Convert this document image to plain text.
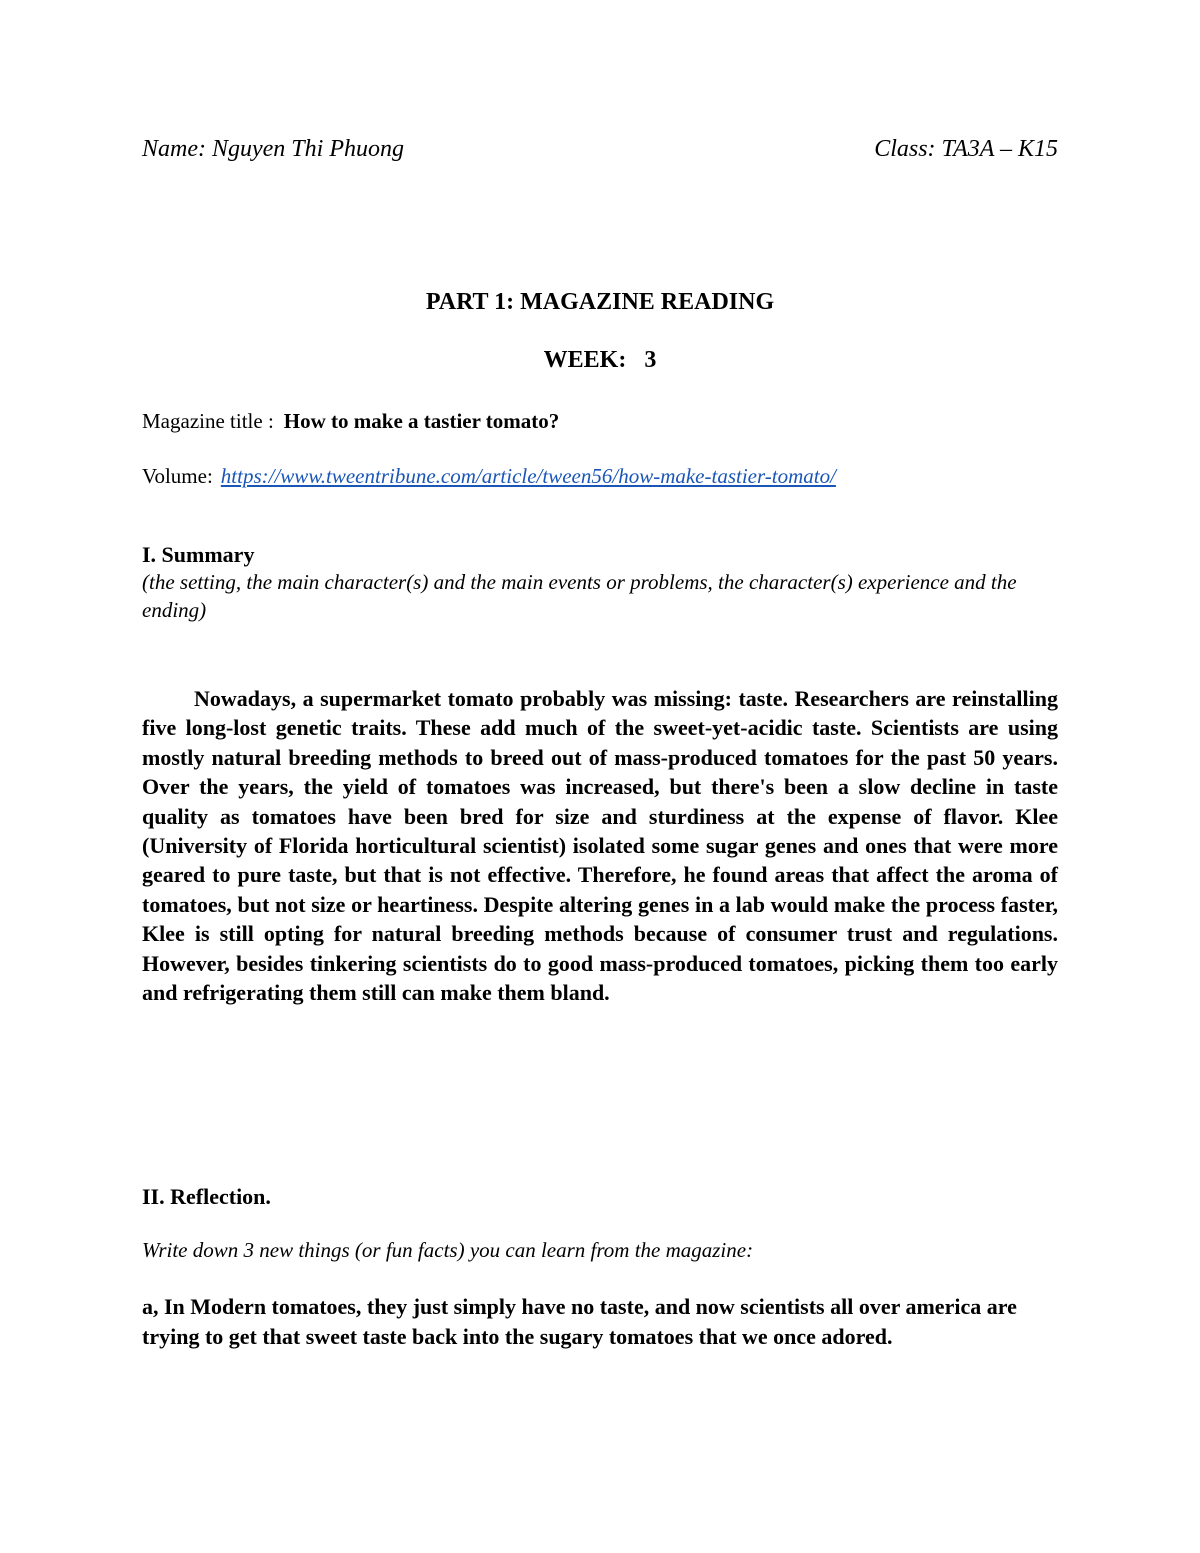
Name: Nguyen Thi Phuong	Class: TA3A – K15
PART 1: MAGAZINE READING
WEEK:   3
Magazine title : How to make a tastier tomato?
Volume: https://www.tweentribune.com/article/tween56/how-make-tastier-tomato/
I. Summary
(the setting, the main character(s) and the main events or problems, the character(s) experience and the ending)
Nowadays, a supermarket tomato probably was missing: taste. Researchers are reinstalling five long-lost genetic traits. These add much of the sweet-yet-acidic taste. Scientists are using mostly natural breeding methods to breed out of mass-produced tomatoes for the past 50 years. Over the years, the yield of tomatoes was increased, but there's been a slow decline in taste quality as tomatoes have been bred for size and sturdiness at the expense of flavor. Klee (University of Florida horticultural scientist) isolated some sugar genes and ones that were more geared to pure taste, but that is not effective. Therefore, he found areas that affect the aroma of tomatoes, but not size or heartiness. Despite altering genes in a lab would make the process faster, Klee is still opting for natural breeding methods because of consumer trust and regulations. However, besides tinkering scientists do to good mass-produced tomatoes, picking them too early and refrigerating them still can make them bland.
II. Reflection.
Write down 3 new things (or fun facts) you can learn from the magazine:
a, In Modern tomatoes, they just simply have no taste, and now scientists all over america are trying to get that sweet taste back into the sugary tomatoes that we once adored.
